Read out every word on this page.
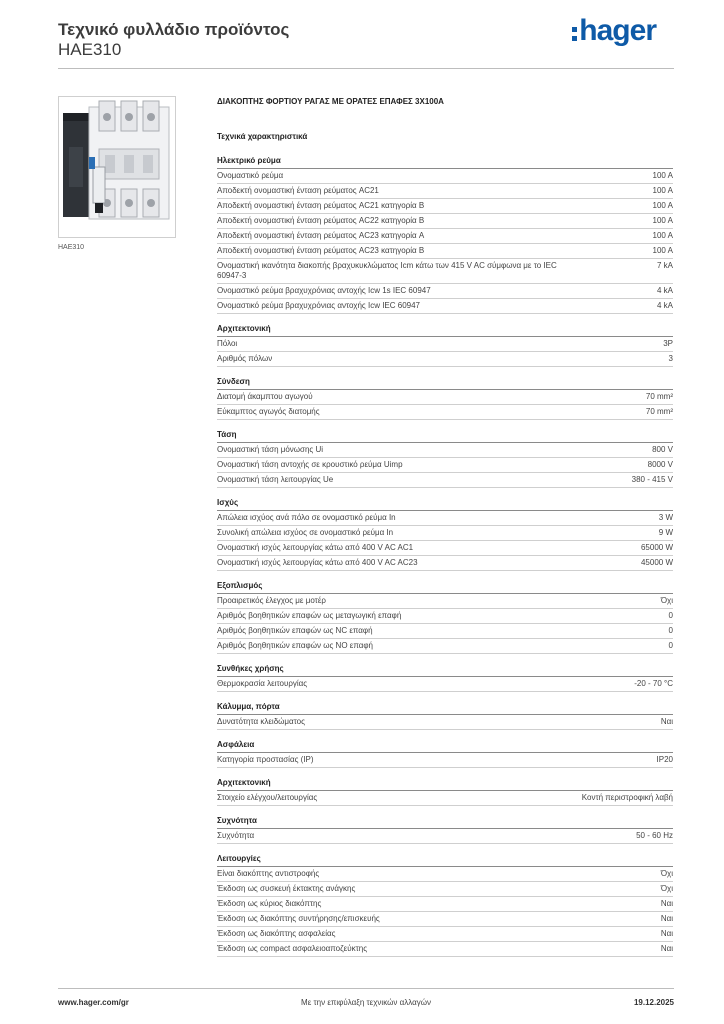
Τεχνικό φυλλάδιο προϊόντος
HAE310
hager
HAE310
ΔΙΑΚΟΠΤΗΣ ΦΟΡΤΙΟΥ ΡΑΓΑΣ ΜΕ ΟΡΑΤΕΣ ΕΠΑΦΕΣ 3Χ100Α
Τεχνικά χαρακτηριστικά
Ηλεκτρικό ρεύμα
Ονομαστικό ρεύμα	100 A
Αποδεκτή ονομαστική ένταση ρεύματος AC21	100 A
Αποδεκτή ονομαστική ένταση ρεύματος AC21 κατηγορία B	100 A
Αποδεκτή ονομαστική ένταση ρεύματος AC22 κατηγορία B	100 A
Αποδεκτή ονομαστική ένταση ρεύματος AC23 κατηγορία A	100 A
Αποδεκτή ονομαστική ένταση ρεύματος AC23 κατηγορία B	100 A
Ονομαστική ικανότητα διακοπής βραχυκυκλώματος Icm κάτω των 415 V AC σύμφωνα με το IEC 60947-3
7 kA
Ονομαστικό ρεύμα βραχυχρόνιας αντοχής Icw 1s IEC 60947	4 kA
Ονομαστικό ρεύμα βραχυχρόνιας αντοχής Icw IEC 60947	4 kA
Αρχιτεκτονική
Πόλοι	3P
Αριθμός πόλων	3
Σύνδεση
Διατομή άκαμπτου αγωγού	70 mm²
Εύκαμπτος αγωγός διατομής	70 mm²
Τάση
Ονομαστική τάση μόνωσης Ui	800 V
Ονομαστική τάση αντοχής σε κρουστικό ρεύμα Uimp	8000 V
Ονομαστική τάση λειτουργίας Ue	380 - 415 V
Ισχύς
Απώλεια ισχύος ανά πόλο σε ονομαστικό ρεύμα In	3 W
Συνολική απώλεια ισχύος σε ονομαστικό ρεύμα In	9 W
Ονομαστική ισχύς λειτουργίας κάτω από 400 V AC AC1	65000 W
Ονομαστική ισχύς λειτουργίας κάτω από 400 V AC AC23	45000 W
Εξοπλισμός
Προαιρετικός έλεγχος με μοτέρ	Όχι
Αριθμός βοηθητικών επαφών ως μεταγωγική επαφή	0
Αριθμός βοηθητικών επαφών ως NC επαφή	0
Αριθμός βοηθητικών επαφών ως NO επαφή	0
Συνθήκες χρήσης
Θερμοκρασία λειτουργίας	-20 - 70 °C
Κάλυμμα, πόρτα
Δυνατότητα κλειδώματος	Ναι
Ασφάλεια
Κατηγορία προστασίας (IP)	IP20
Αρχιτεκτονική
Στοιχείο ελέγχου/λειτουργίας	Κοντή περιστροφική λαβή
Συχνότητα
Συχνότητα	50 - 60 Hz
Λειτουργίες
Είναι διακόπτης αντιστροφής	Όχι
Έκδοση ως συσκευή έκτακτης ανάγκης	Όχι
Έκδοση ως κύριος διακόπτης	Ναι
Έκδοση ως διακόπτης συντήρησης/επισκευής	Ναι
Έκδοση ως διακόπτης ασφαλείας	Ναι
Έκδοση ως compact ασφαλειοαποζεύκτης	Ναι
www.hager.com/gr	Με την επιφύλαξη τεχνικών αλλαγών	19.12.2025
